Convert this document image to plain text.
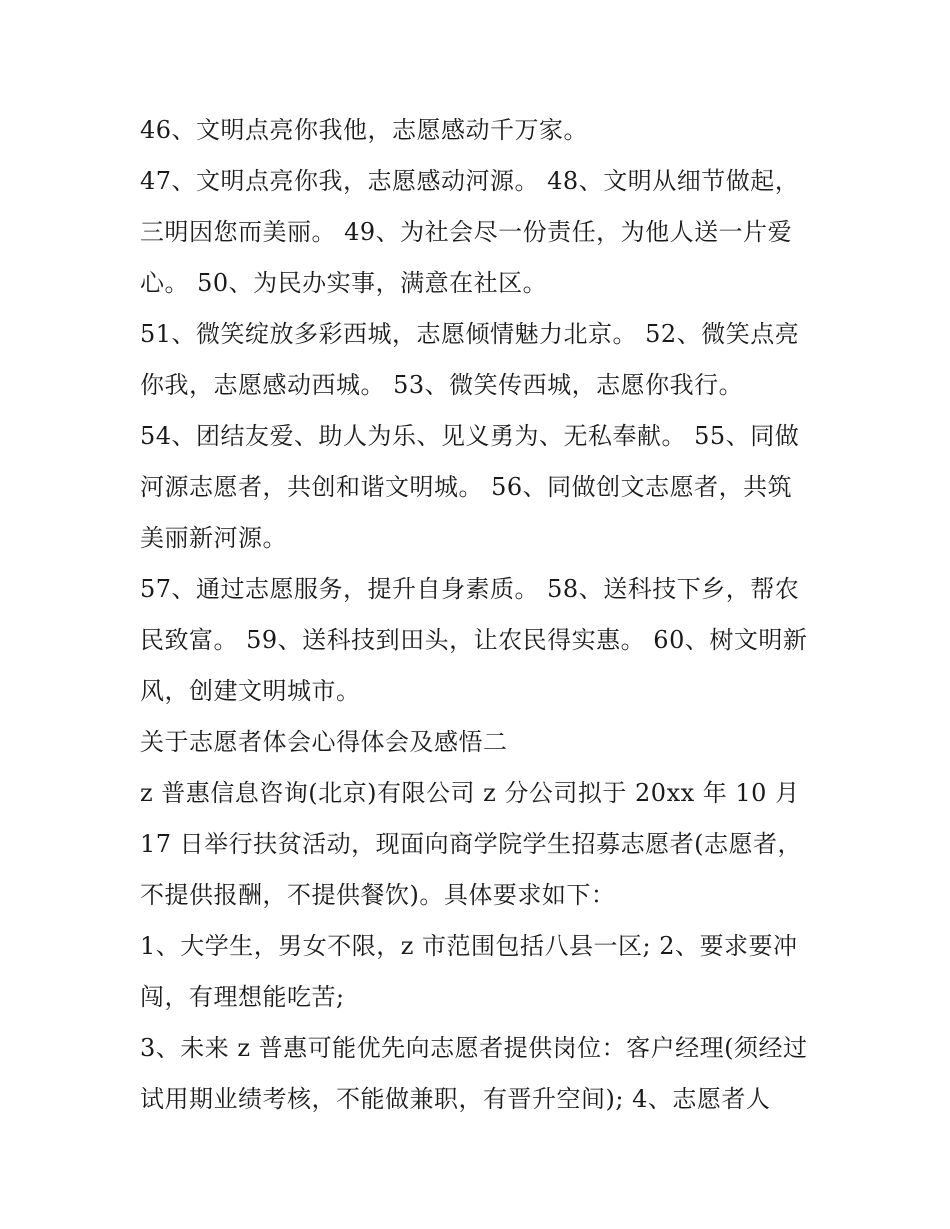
46、文明点亮你我他，志愿感动千万家。

47、文明点亮你我，志愿感动河源。 48、文明从细节做起，三明因您而美丽。 49、为社会尽一份责任，为他人送一片爱心。 50、为民办实事，满意在社区。

51、微笑绽放多彩西城，志愿倾情魅力北京。 52、微笑点亮你我，志愿感动西城。 53、微笑传西城，志愿你我行。

54、团结友爱、助人为乐、见义勇为、无私奉献。 55、同做河源志愿者，共创和谐文明城。 56、同做创文志愿者，共筑美丽新河源。

57、通过志愿服务，提升自身素质。 58、送科技下乡，帮农民致富。 59、送科技到田头，让农民得实惠。 60、树文明新风，创建文明城市。

关于志愿者体会心得体会及感悟二

z 普惠信息咨询(北京)有限公司 z 分公司拟于 20xx 年 10 月 17 日举行扶贫活动，现面向商学院学生招募志愿者(志愿者，不提供报酬，不提供餐饮)。具体要求如下：

1、大学生，男女不限，z 市范围包括八县一区; 2、要求要冲闯，有理想能吃苦;

3、未来 z 普惠可能优先向志愿者提供岗位：客户经理(须经过试用期业绩考核，不能做兼职，有晋升空间); 4、志愿者人
